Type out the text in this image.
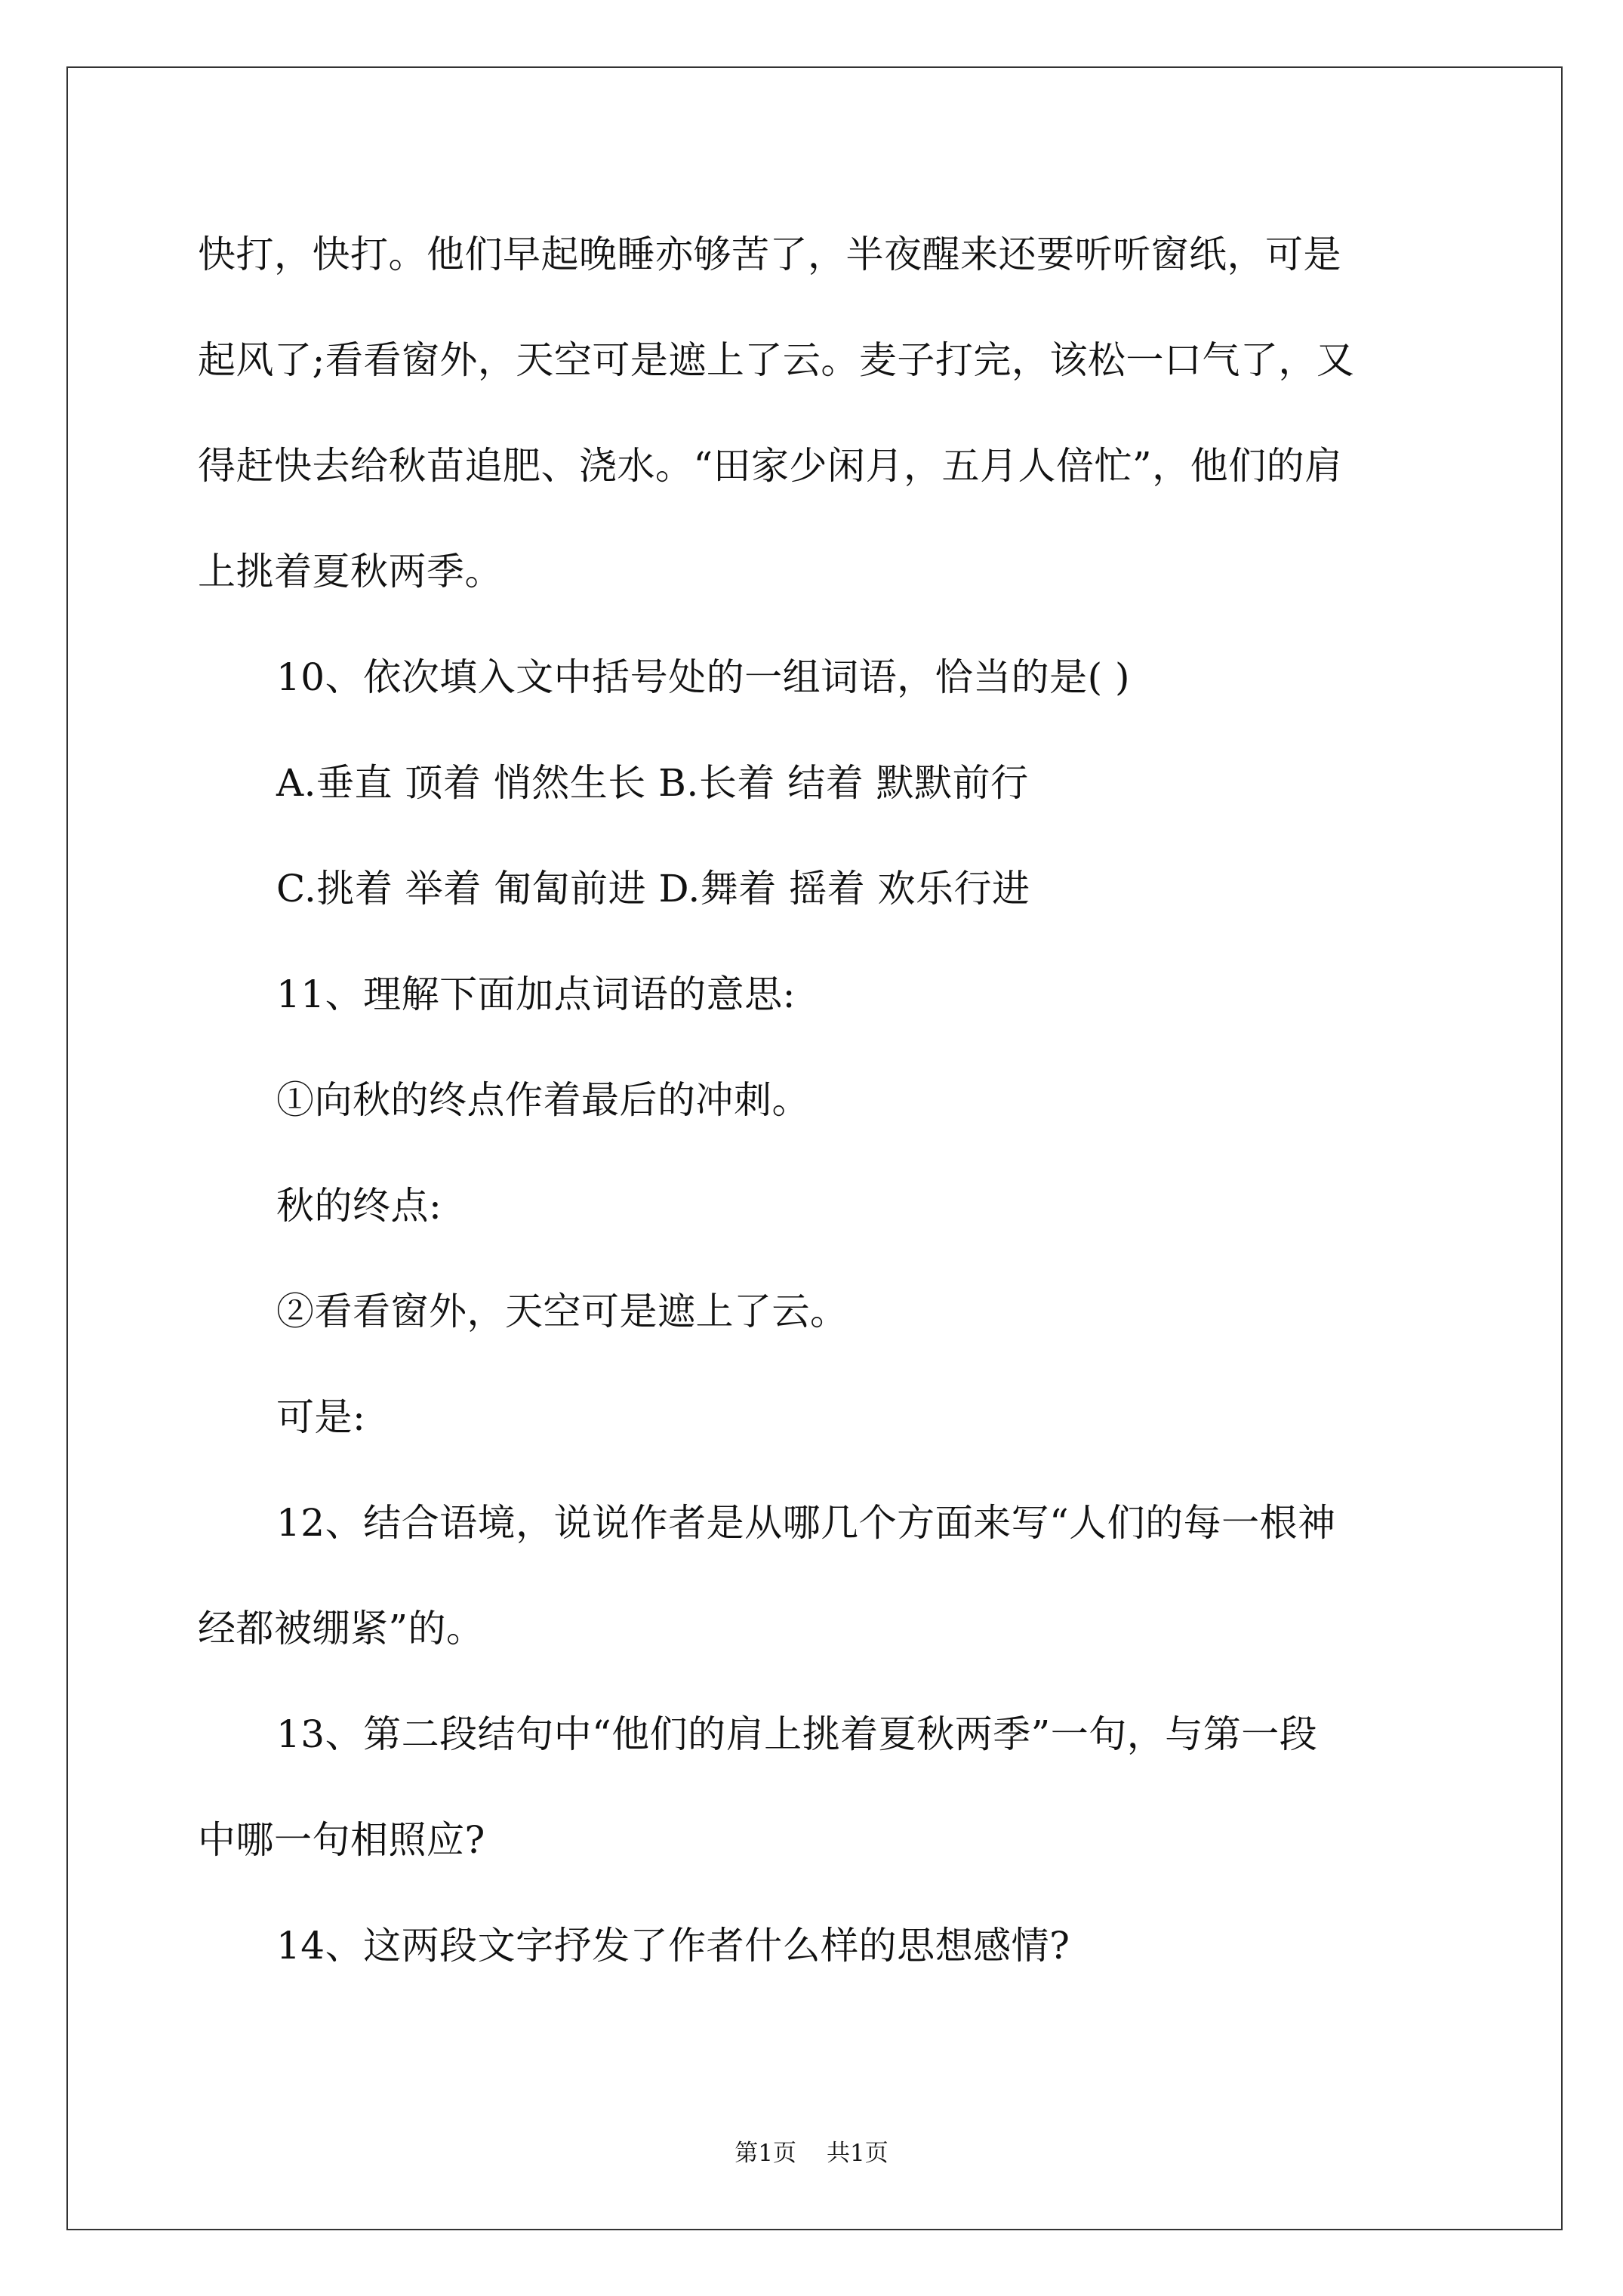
快打，快打。他们早起晚睡亦够苦了，半夜醒来还要听听窗纸，可是
起风了;看看窗外，天空可是遮上了云。麦子打完，该松一口气了，又
得赶快去给秋苗追肥、浇水。“田家少闲月，五月人倍忙”，他们的肩
上挑着夏秋两季。
10、依次填入文中括号处的一组词语，恰当的是( )
A.垂直 顶着 悄然生长 B.长着 结着 默默前行
C.挑着 举着 匍匐前进 D.舞着 摇着 欢乐行进
11、理解下面加点词语的意思:
①向秋的终点作着最后的冲刺。
秋的终点:
②看看窗外，天空可是遮上了云。
可是:
12、结合语境，说说作者是从哪几个方面来写“人们的每一根神
经都被绷紧”的。
13、第二段结句中“他们的肩上挑着夏秋两季”一句，与第一段
中哪一句相照应?
14、这两段文字抒发了作者什么样的思想感情?
第1页 共1页
